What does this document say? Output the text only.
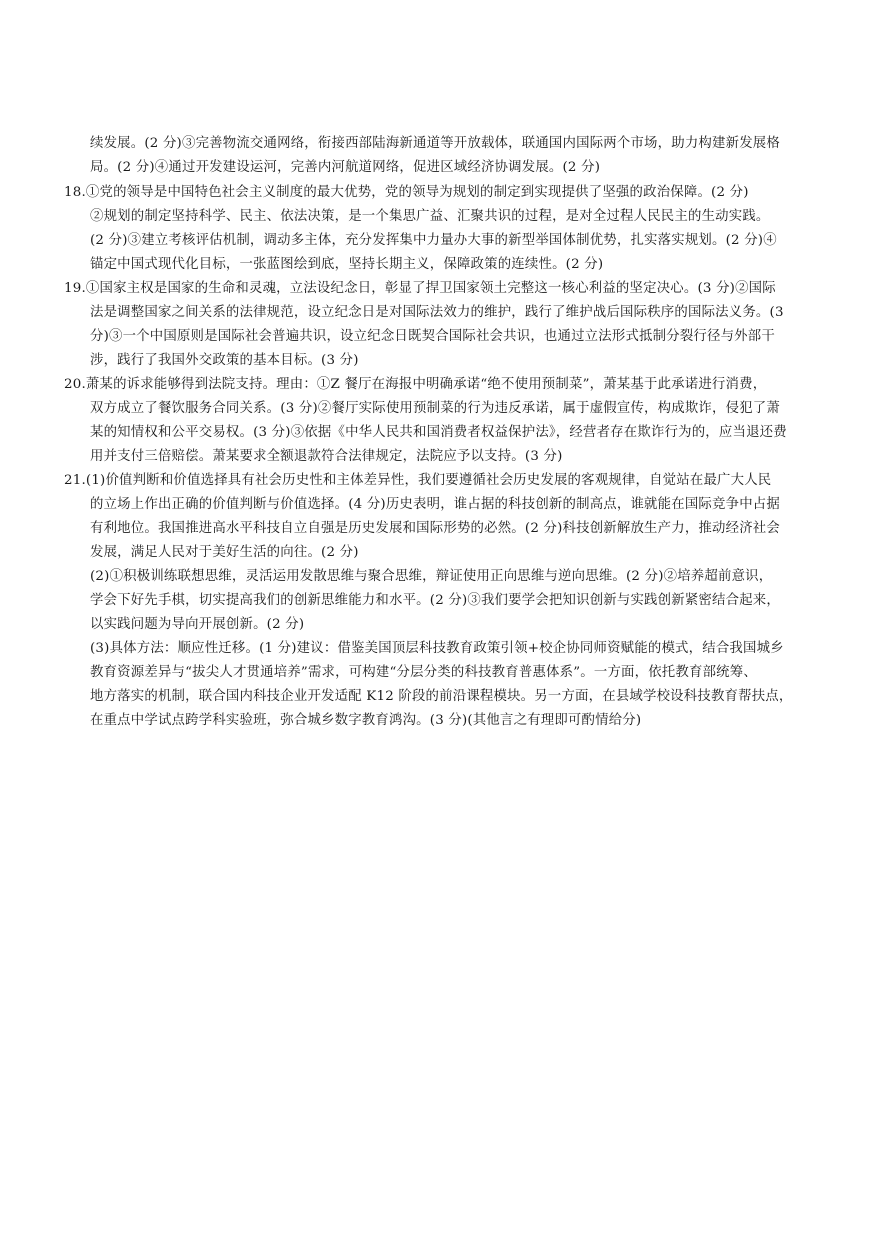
续发展。(2 分)③完善物流交通网络，衔接西部陆海新通道等开放载体，联通国内国际两个市场，助力构建新发展格
局。(2 分)④通过开发建设运河，完善内河航道网络，促进区域经济协调发展。(2 分)
18.①党的领导是中国特色社会主义制度的最大优势，党的领导为规划的制定到实现提供了坚强的政治保障。(2 分)
②规划的制定坚持科学、民主、依法决策，是一个集思广益、汇聚共识的过程，是对全过程人民民主的生动实践。
(2 分)③建立考核评估机制，调动多主体，充分发挥集中力量办大事的新型举国体制优势，扎实落实规划。(2 分)④
锚定中国式现代化目标，一张蓝图绘到底，坚持长期主义，保障政策的连续性。(2 分)
19.①国家主权是国家的生命和灵魂，立法设纪念日，彰显了捍卫国家领土完整这一核心利益的坚定决心。(3 分)②国际
法是调整国家之间关系的法律规范，设立纪念日是对国际法效力的维护，践行了维护战后国际秩序的国际法义务。(3
分)③一个中国原则是国际社会普遍共识，设立纪念日既契合国际社会共识，也通过立法形式抵制分裂行径与外部干
涉，践行了我国外交政策的基本目标。(3 分)
20.萧某的诉求能够得到法院支持。理由：①Z 餐厅在海报中明确承诺“绝不使用预制菜”，萧某基于此承诺进行消费，
双方成立了餐饮服务合同关系。(3 分)②餐厅实际使用预制菜的行为违反承诺，属于虚假宣传，构成欺诈，侵犯了萧
某的知情权和公平交易权。(3 分)③依据《中华人民共和国消费者权益保护法》，经营者存在欺诈行为的，应当退还费
用并支付三倍赔偿。萧某要求全额退款符合法律规定，法院应予以支持。(3 分)
21.(1)价值判断和价值选择具有社会历史性和主体差异性，我们要遵循社会历史发展的客观规律，自觉站在最广大人民
的立场上作出正确的价值判断与价值选择。(4 分)历史表明，谁占据的科技创新的制高点，谁就能在国际竞争中占据
有利地位。我国推进高水平科技自立自强是历史发展和国际形势的必然。(2 分)科技创新解放生产力，推动经济社会
发展，满足人民对于美好生活的向往。(2 分)
(2)①积极训练联想思维，灵活运用发散思维与聚合思维，辩证使用正向思维与逆向思维。(2 分)②培养超前意识，
学会下好先手棋，切实提高我们的创新思维能力和水平。(2 分)③我们要学会把知识创新与实践创新紧密结合起来，
以实践问题为导向开展创新。(2 分)
(3)具体方法：顺应性迁移。(1 分)建议：借鉴美国顶层科技教育政策引领+校企协同师资赋能的模式，结合我国城乡
教育资源差异与“拔尖人才贯通培养”需求，可构建“分层分类的科技教育普惠体系”。一方面，依托教育部统筹、
地方落实的机制，联合国内科技企业开发适配 K12 阶段的前沿课程模块。另一方面，在县域学校设科技教育帮扶点，
在重点中学试点跨学科实验班，弥合城乡数字教育鸿沟。(3 分)(其他言之有理即可酌情给分)
